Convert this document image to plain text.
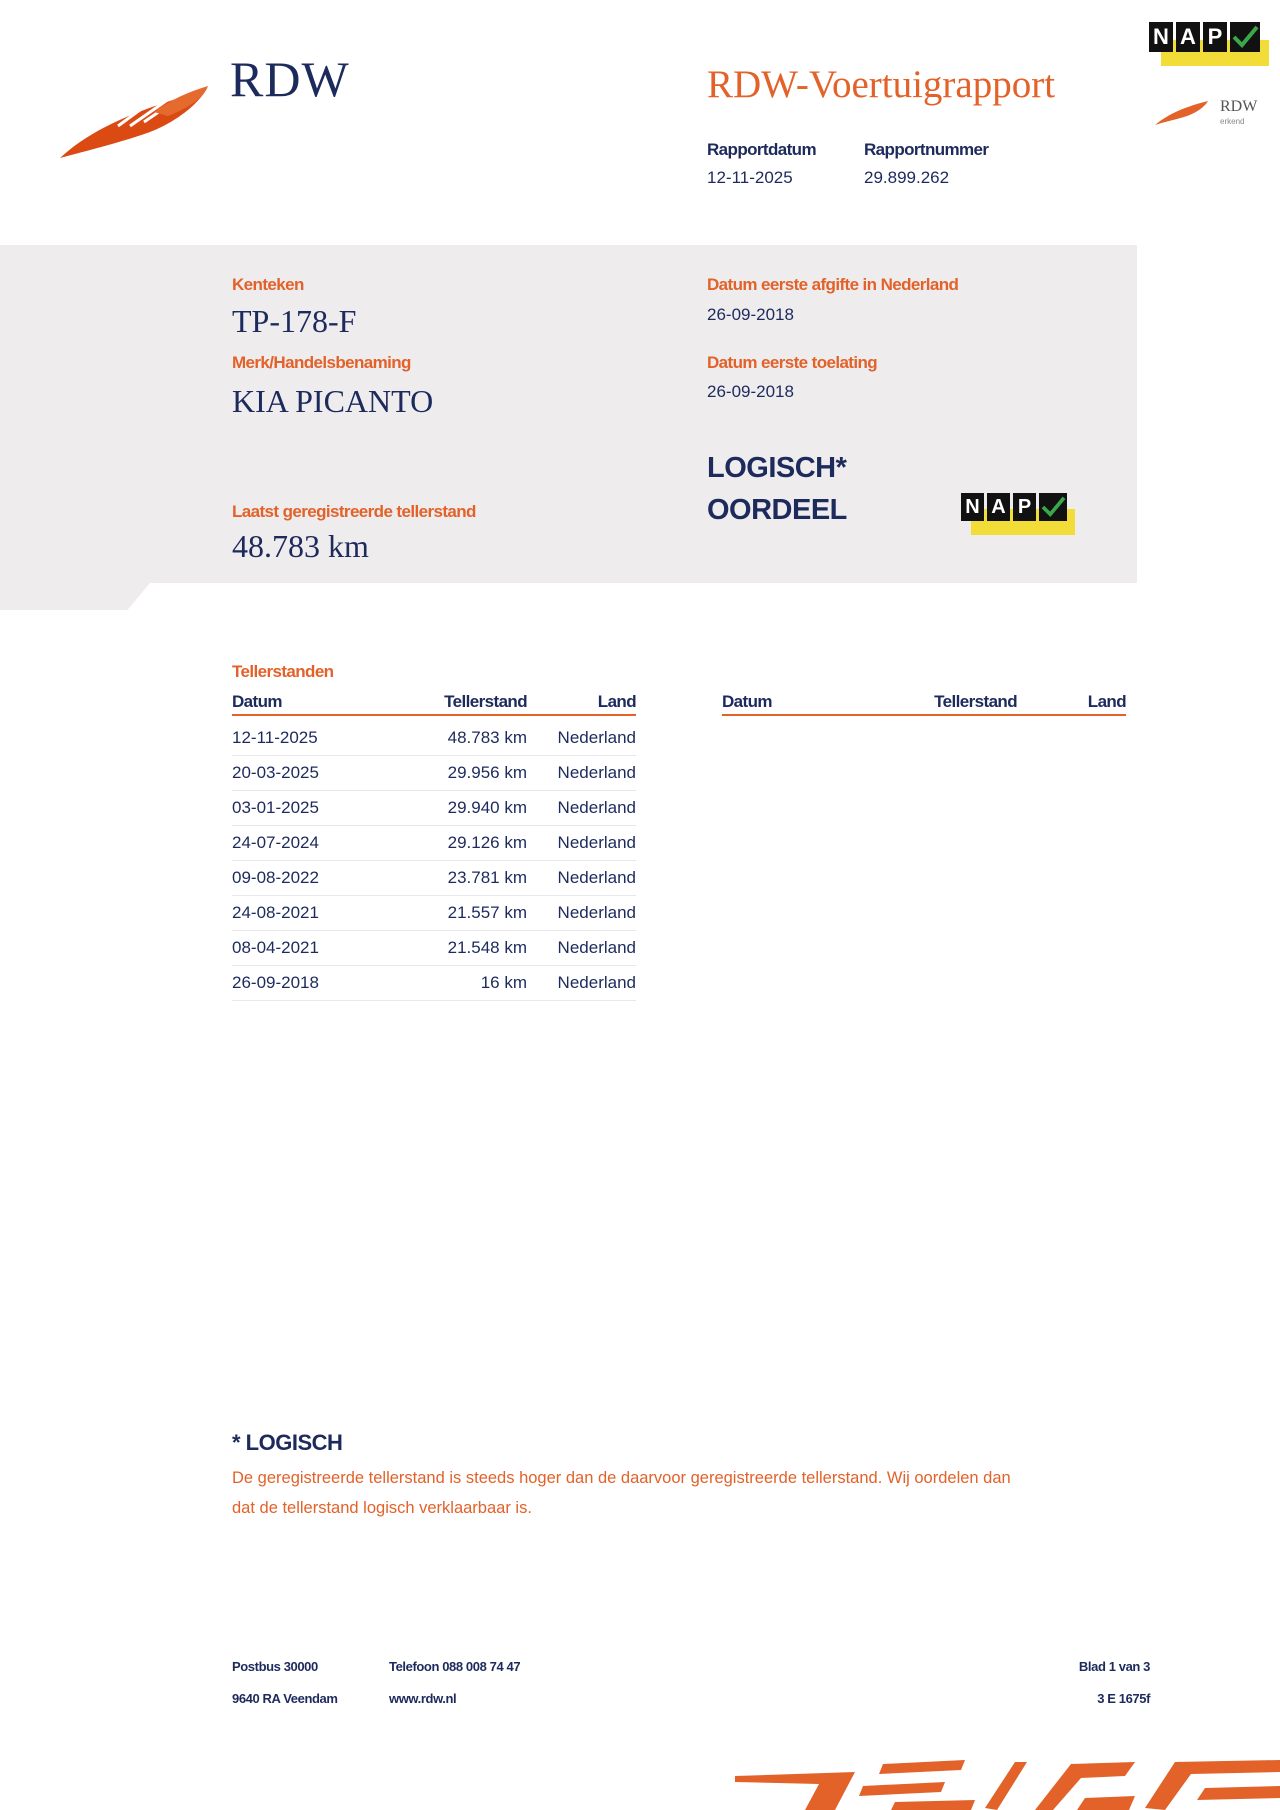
RDW	RDW-Voertuigrapport
Rapportdatum
12-11-2025
Rapportnummer
29.899.262
N A P
RDW
erkend
Kenteken
TP-178-F
Merk/Handelsbenaming
KIA PICANTO
Laatst geregistreerde tellerstand
48.783 km
Datum eerste afgifte in Nederland
26-09-2018
Datum eerste toelating
26-09-2018
LOGISCH*
OORDEEL	N A P
Tellerstanden
Datum	Tellerstand	Land
12-11-2025	48.783 km	Nederland
20-03-2025	29.956 km	Nederland
03-01-2025	29.940 km	Nederland
24-07-2024	29.126 km	Nederland
09-08-2022	23.781 km	Nederland
24-08-2021	21.557 km	Nederland
08-04-2021	21.548 km	Nederland
26-09-2018	16 km	Nederland
Datum	Tellerstand	Land
* LOGISCH
De geregistreerde tellerstand is steeds hoger dan de daarvoor geregistreerde tellerstand. Wij oordelen dan
dat de tellerstand logisch verklaarbaar is.
Postbus 30000
9640 RA Veendam
Telefoon 088 008 74 47
www.rdw.nl
Blad 1 van 3
3 E 1675f
